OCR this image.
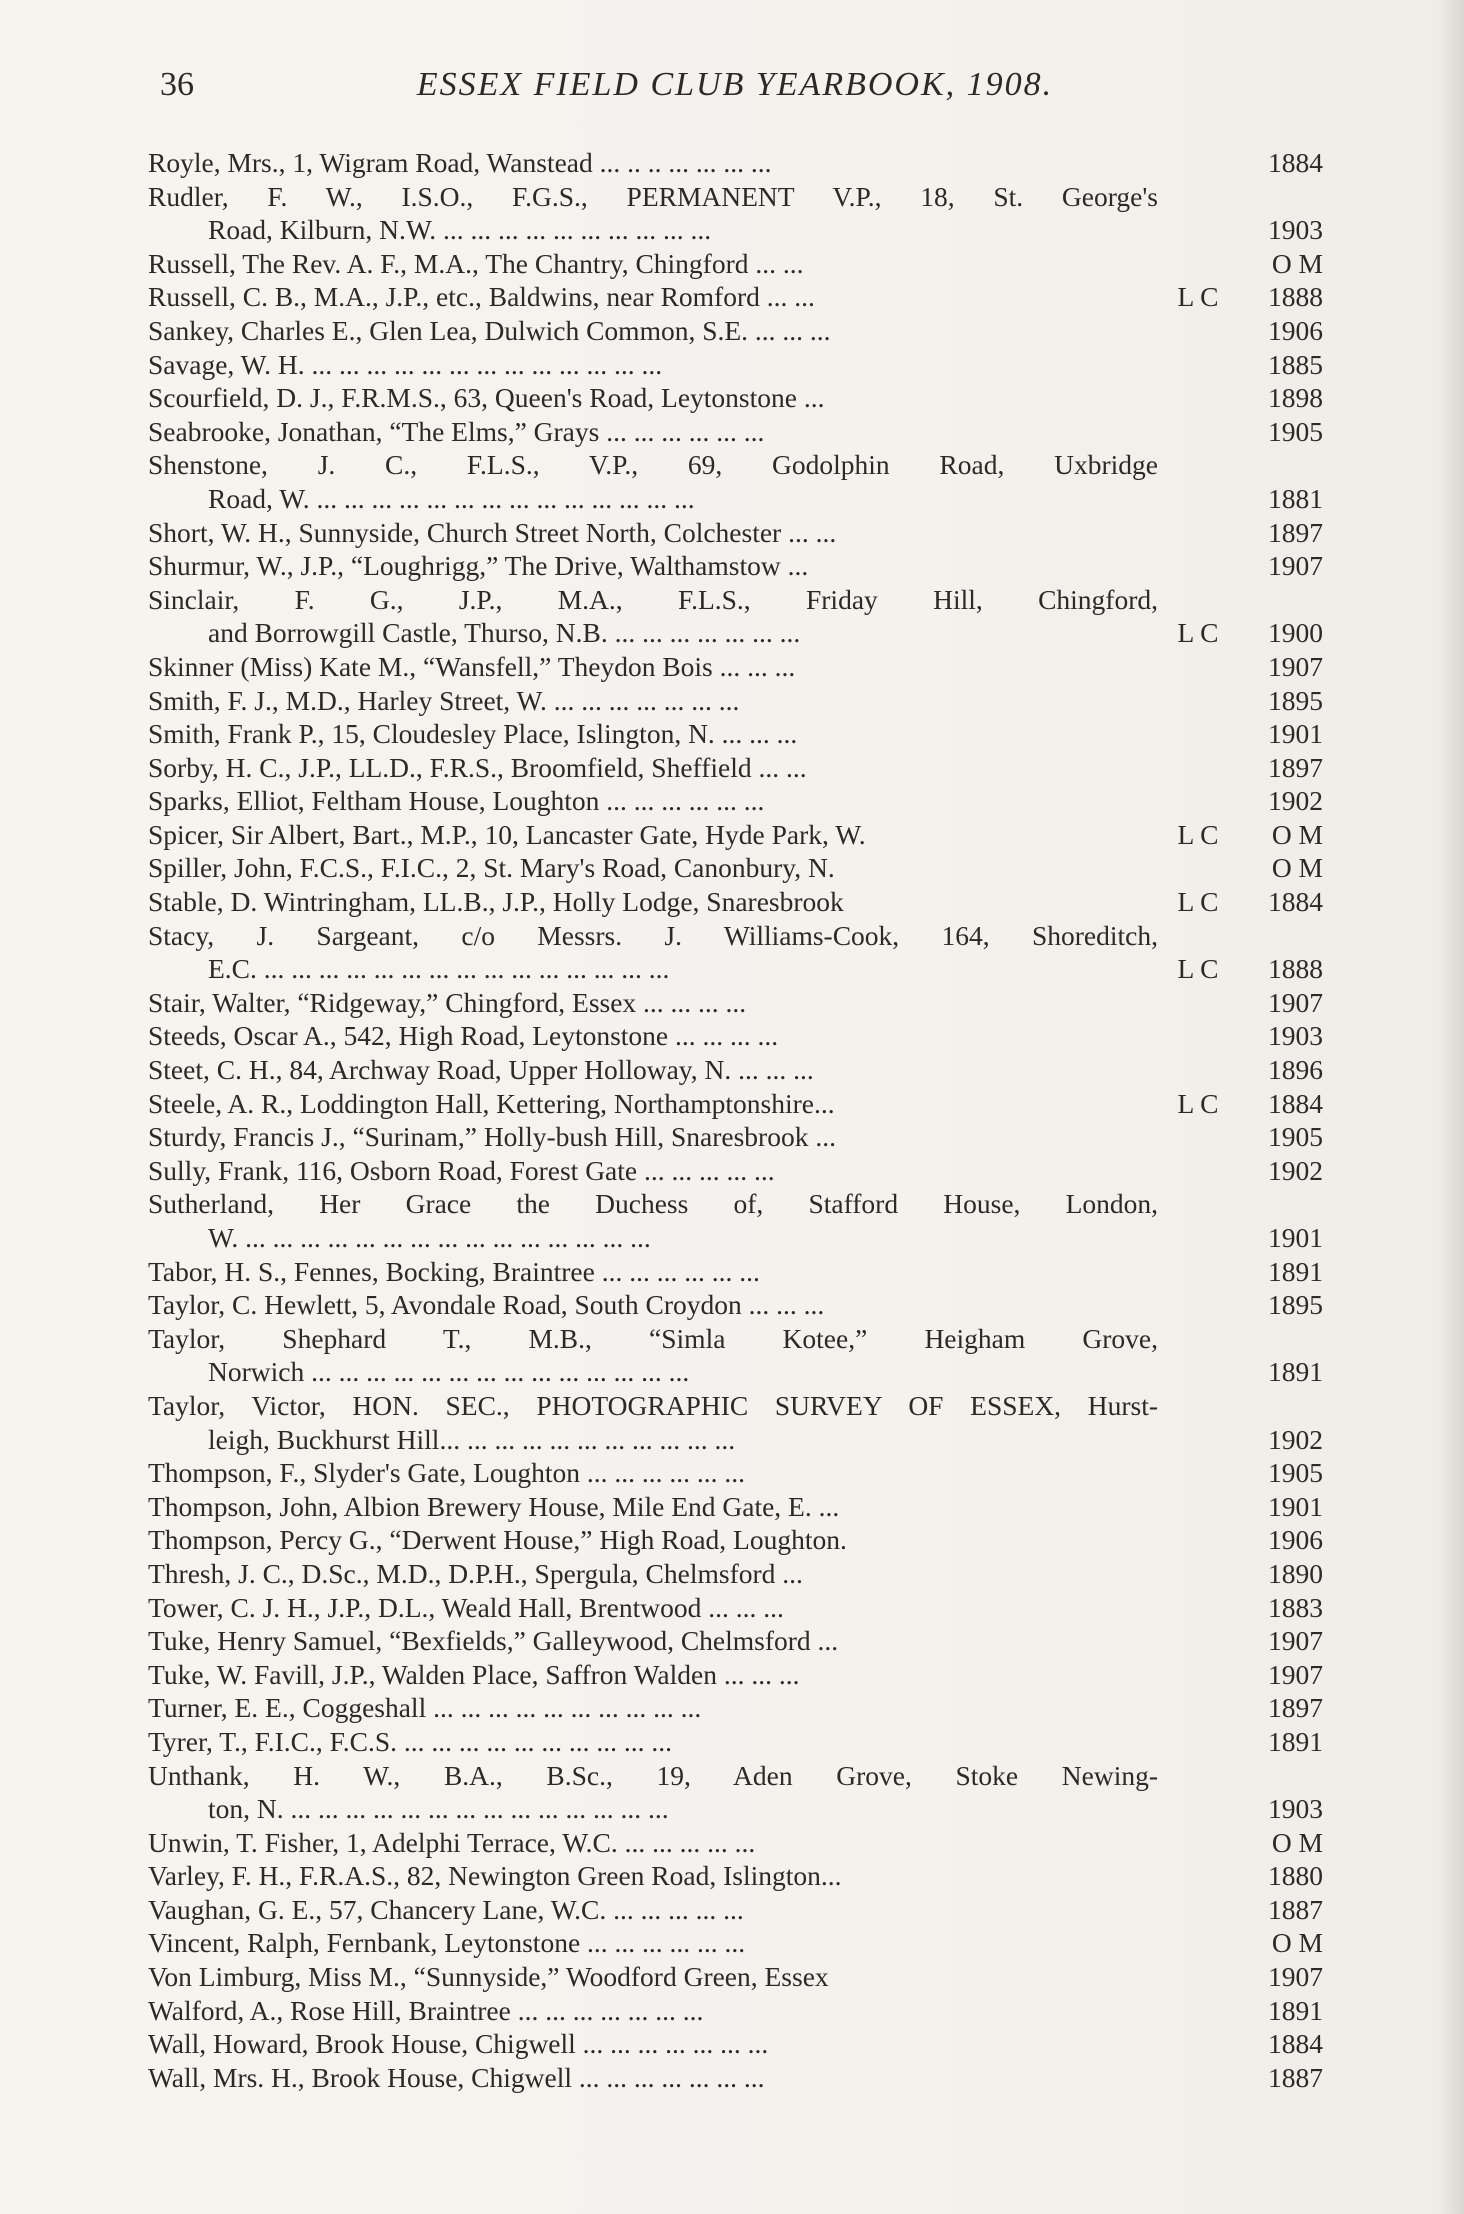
36	ESSEX FIELD CLUB YEARBOOK, 1908.
Royle, Mrs., 1, Wigram Road, Wanstead ... .. .. ... ... ... ...	1884
Rudler, F. W., I.S.O., F.G.S., PERMANENT V.P., 18, St. George's
Road, Kilburn, N.W. ... ... ... ... ... ... ... ... ... ...	1903
Russell, The Rev. A. F., M.A., The Chantry, Chingford ... ...	O M
Russell, C. B., M.A., J.P., etc., Baldwins, near Romford ... ...	L C	1888
Sankey, Charles E., Glen Lea, Dulwich Common, S.E. ... ... ...	1906
Savage, W. H. ... ... ... ... ... ... ... ... ... ... ... ... ...	1885
Scourfield, D. J., F.R.M.S., 63, Queen's Road, Leytonstone ...	1898
Seabrooke, Jonathan, “The Elms,” Grays ... ... ... ... ... ...	1905
Shenstone, J. C., F.L.S., V.P., 69, Godolphin Road, Uxbridge
Road, W. ... ... ... ... ... ... ... ... ... ... ... ... ... ...	1881
Short, W. H., Sunnyside, Church Street North, Colchester ... ...	1897
Shurmur, W., J.P., “Loughrigg,” The Drive, Walthamstow ...	1907
Sinclair, F. G., J.P., M.A., F.L.S., Friday Hill, Chingford,
and Borrowgill Castle, Thurso, N.B. ... ... ... ... ... ... ...	L C	1900
Skinner (Miss) Kate M., “Wansfell,” Theydon Bois ... ... ...	1907
Smith, F. J., M.D., Harley Street, W. ... ... ... ... ... ... ...	1895
Smith, Frank P., 15, Cloudesley Place, Islington, N. ... ... ...	1901
Sorby, H. C., J.P., LL.D., F.R.S., Broomfield, Sheffield ... ...	1897
Sparks, Elliot, Feltham House, Loughton ... ... ... ... ... ...	1902
Spicer, Sir Albert, Bart., M.P., 10, Lancaster Gate, Hyde Park, W.	L C	O M
Spiller, John, F.C.S., F.I.C., 2, St. Mary's Road, Canonbury, N.	O M
Stable, D. Wintringham, LL.B., J.P., Holly Lodge, Snaresbrook	L C	1884
Stacy, J. Sargeant, c/o Messrs. J. Williams-Cook, 164, Shoreditch,
E.C. ... ... ... ... ... ... ... ... ... ... ... ... ... ... ...	L C	1888
Stair, Walter, “Ridgeway,” Chingford, Essex ... ... ... ...	1907
Steeds, Oscar A., 542, High Road, Leytonstone ... ... ... ...	1903
Steet, C. H., 84, Archway Road, Upper Holloway, N. ... ... ...	1896
Steele, A. R., Loddington Hall, Kettering, Northamptonshire...	L C	1884
Sturdy, Francis J., “Surinam,” Holly-bush Hill, Snaresbrook ...	1905
Sully, Frank, 116, Osborn Road, Forest Gate ... ... ... ... ...	1902
Sutherland, Her Grace the Duchess of, Stafford House, London,
W. ... ... ... ... ... ... ... ... ... ... ... ... ... ... ...	1901
Tabor, H. S., Fennes, Bocking, Braintree ... ... ... ... ... ...	1891
Taylor, C. Hewlett, 5, Avondale Road, South Croydon ... ... ...	1895
Taylor, Shephard T., M.B., “Simla Kotee,” Heigham Grove,
Norwich ... ... ... ... ... ... ... ... ... ... ... ... ... ...	1891
Taylor, Victor, HON. SEC., PHOTOGRAPHIC SURVEY OF ESSEX, Hurst-
leigh, Buckhurst Hill... ... ... ... ... ... ... ... ... ... ...	1902
Thompson, F., Slyder's Gate, Loughton ... ... ... ... ... ...	1905
Thompson, John, Albion Brewery House, Mile End Gate, E. ...	1901
Thompson, Percy G., “Derwent House,” High Road, Loughton.	1906
Thresh, J. C., D.Sc., M.D., D.P.H., Spergula, Chelmsford ...	1890
Tower, C. J. H., J.P., D.L., Weald Hall, Brentwood ... ... ...	1883
Tuke, Henry Samuel, “Bexfields,” Galleywood, Chelmsford ...	1907
Tuke, W. Favill, J.P., Walden Place, Saffron Walden ... ... ...	1907
Turner, E. E., Coggeshall ... ... ... ... ... ... ... ... ... ...	1897
Tyrer, T., F.I.C., F.C.S. ... ... ... ... ... ... ... ... ... ...	1891
Unthank, H. W., B.A., B.Sc., 19, Aden Grove, Stoke Newing-
ton, N. ... ... ... ... ... ... ... ... ... ... ... ... ... ...	1903
Unwin, T. Fisher, 1, Adelphi Terrace, W.C. ... ... ... ... ...	O M
Varley, F. H., F.R.A.S., 82, Newington Green Road, Islington...	1880
Vaughan, G. E., 57, Chancery Lane, W.C. ... ... ... ... ...	1887
Vincent, Ralph, Fernbank, Leytonstone ... ... ... ... ... ...	O M
Von Limburg, Miss M., “Sunnyside,” Woodford Green, Essex	1907
Walford, A., Rose Hill, Braintree ... ... ... ... ... ... ...	1891
Wall, Howard, Brook House, Chigwell ... ... ... ... ... ... ...	1884
Wall, Mrs. H., Brook House, Chigwell ... ... ... ... ... ... ...	1887
